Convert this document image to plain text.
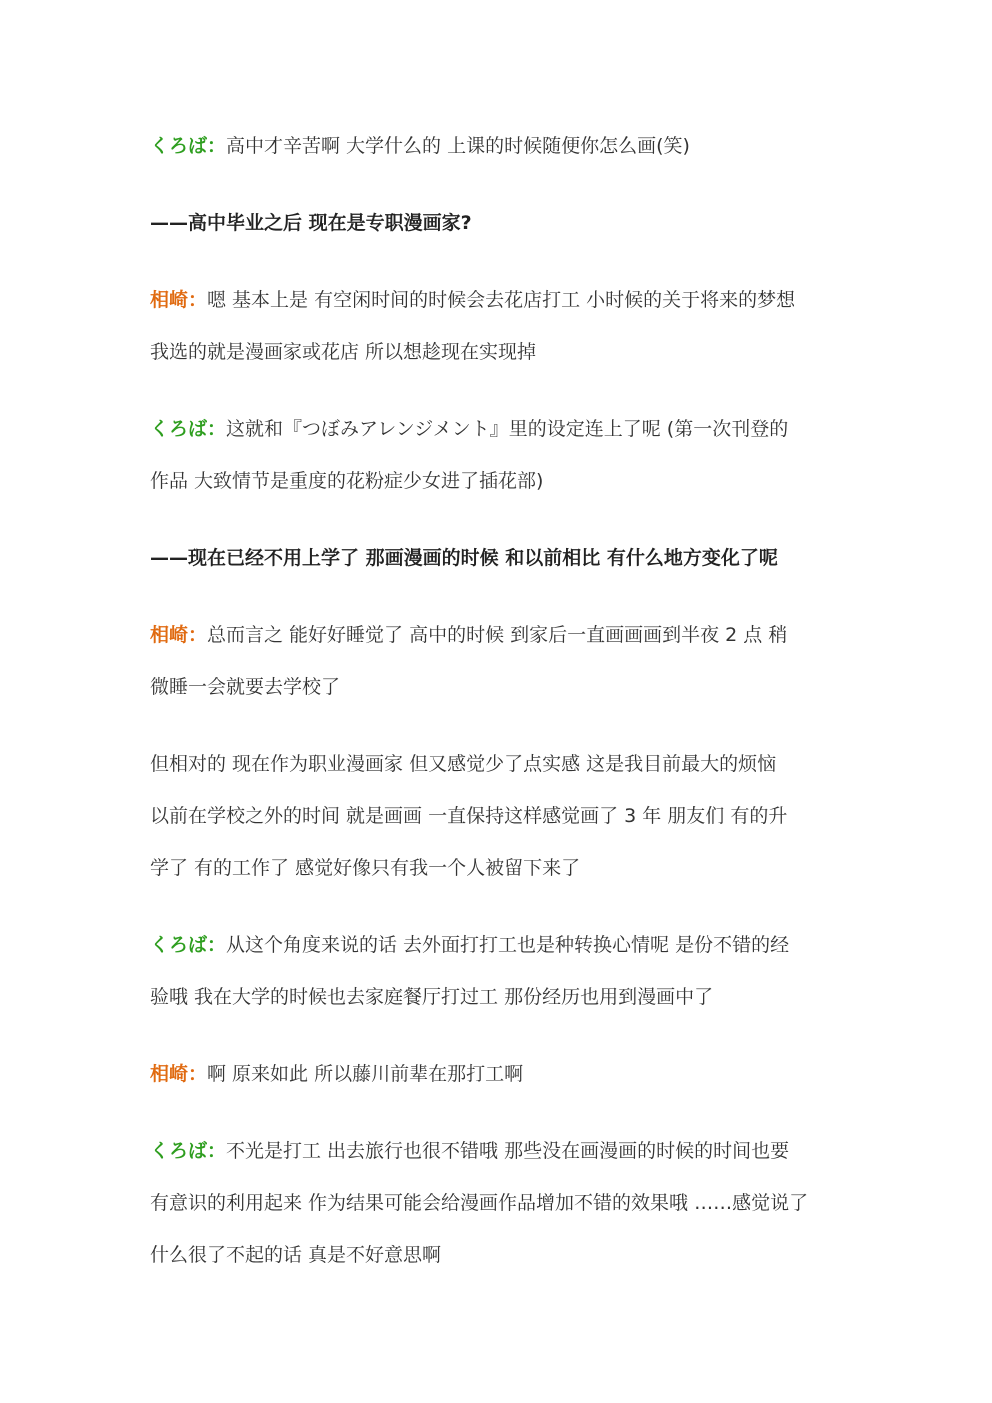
くろば：高中才辛苦啊 大学什么的 上课的时候随便你怎么画(笑)
——高中毕业之后 现在是专职漫画家?
相崎：嗯 基本上是 有空闲时间的时候会去花店打工 小时候的关于将来的梦想
我选的就是漫画家或花店 所以想趁现在实现掉
くろば：这就和『つぼみアレンジメント』里的设定连上了呢 (第一次刊登的
作品 大致情节是重度的花粉症少女进了插花部)
——现在已经不用上学了 那画漫画的时候 和以前相比 有什么地方变化了呢
相崎：总而言之 能好好睡觉了 高中的时候 到家后一直画画画到半夜 2 点 稍
微睡一会就要去学校了
但相对的 现在作为职业漫画家 但又感觉少了点实感 这是我目前最大的烦恼
以前在学校之外的时间 就是画画 一直保持这样感觉画了 3 年 朋友们 有的升
学了 有的工作了 感觉好像只有我一个人被留下来了
くろば：从这个角度来说的话 去外面打打工也是种转换心情呢 是份不错的经
验哦 我在大学的时候也去家庭餐厅打过工 那份经历也用到漫画中了
相崎：啊 原来如此 所以藤川前辈在那打工啊
くろば：不光是打工 出去旅行也很不错哦 那些没在画漫画的时候的时间也要
有意识的利用起来 作为结果可能会给漫画作品增加不错的效果哦 ……感觉说了
什么很了不起的话 真是不好意思啊
